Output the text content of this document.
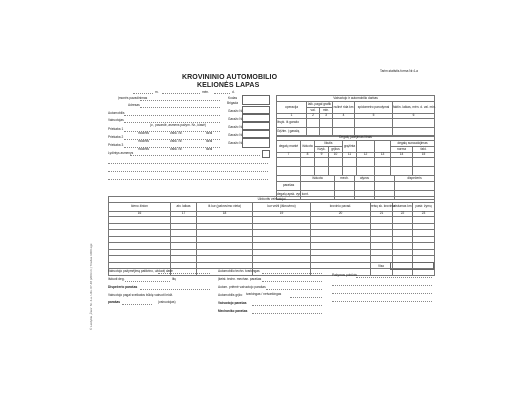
Tarim.statistis.forma Nr.4-a
KROVININIO AUTOMOBILIO
KELIONĖS LAPAS
m.	mėn.	d.
© Leidykla „Žara“ Nr. 4-a. Užs. 07-48 (2003 m.) Tiražas 1000 egz.
Įmonės pavadinimas
Adresas
Automobilis
Vairuotojas
(v., pavardė, asmens pažym. Nr., klasė)
Priekaba 1
modelis	valst. Nr.	tarai
Priekaba 2
modelis	valst. Nr.	tarai
Priekaba 3
modelis	valst. Nr.	tarai
Kodas
Brigada
Garažo Nr.
Garažo Nr.
Garažo Nr.
Garažo Nr.
Garažo Nr.
Lydintys asmenys
Vairuotojo ir automobilio darbas					
operacija	laik. pagal grafik		nulinė rida km	spidometro parodymai	faktin. laikas, mėn. d. val. min.
	val.	min.			
1	2	3	4	5	6
Išvyk. iš garažo					
Grįžim. į garažą					
Degalų judėjimas litrais								
degalų markė	išduota	likutis		grąžinta			degalų sunaudojimas	
		išvyk.	grįžus				norma	fakt.
7	8	9	10	11	12	13	14	15

	išduota	mech.	alyvos		dispečeris
parašas					
degalų apsk. vyr. kont.					
Užduotis vairuotojui							
kieno žinion	atv. laikas	iš kur (pakrovimo vieta)	kur vežti (iškrovimo)	krovinio pavad.	reisų sk. kroviniu	atstumas km	pasir. žymų
16	17	18	19	20	21	22	23

Viso
Vairuotojo pažymėjimą patikrino, užduotį davė
Išduoti deg.	litų
Dispečerio parašas
Vairuotojo pagal sveikatos būklę vairuoti leidž.
parašas	(vairuotojas)
Automobilio techn. tvarkingas
Įkeist. techn. mechan. parašas
Autom. priėmė vairuotojo parašas
Automobilis grįžo tvarkingas / netvarkingas
Vairuotojo parašas
Mechaniko parašas
Pažymos pobūvis
